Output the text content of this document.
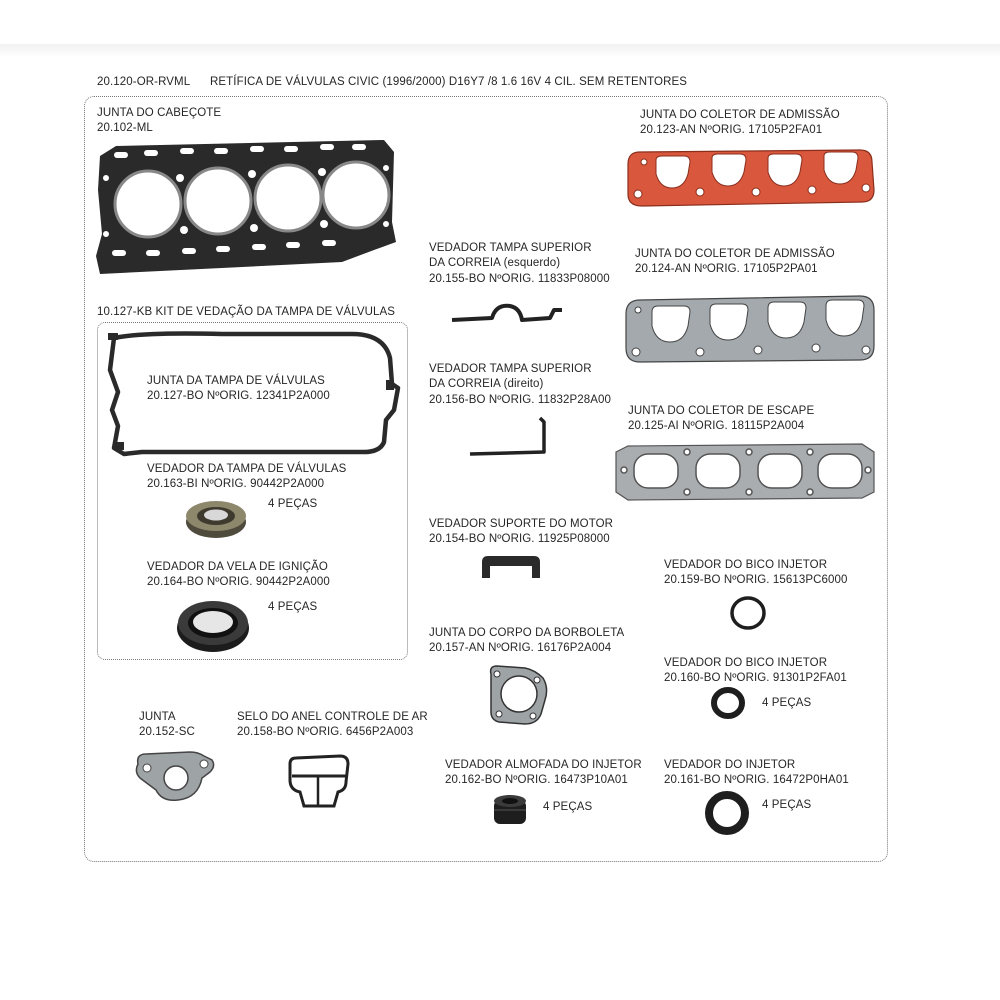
20.120-OR-RVML RETÍFICA DE VÁLVULAS CIVIC (1996/2000) D16Y7 /8 1.6 16V 4 CIL. SEM RETENTORES
JUNTA DO CABEÇOTE
20.102-ML
10.127-KB KIT DE VEDAÇÃO DA TAMPA DE VÁLVULAS
JUNTA DA TAMPA DE VÁLVULAS
20.127-BO NºORIG. 12341P2A000
VEDADOR DA TAMPA DE VÁLVULAS
20.163-BI NºORIG. 90442P2A000
4 PEÇAS
VEDADOR DA VELA DE IGNIÇÃO
20.164-BO NºORIG. 90442P2A000
4 PEÇAS
JUNTA
20.152-SC
SELO DO ANEL CONTROLE DE AR
20.158-BO NºORIG. 6456P2A003
VEDADOR TAMPA SUPERIOR
DA CORREIA (esquerdo)
20.155-BO NºORIG. 11833P08000
VEDADOR TAMPA SUPERIOR
DA CORREIA (direito)
20.156-BO NºORIG. 11832P28A00
VEDADOR SUPORTE DO MOTOR
20.154-BO NºORIG. 11925P08000
JUNTA DO CORPO DA BORBOLETA
20.157-AN NºORIG. 16176P2A004
VEDADOR ALMOFADA DO INJETOR
20.162-BO NºORIG. 16473P10A01
4 PEÇAS
JUNTA DO COLETOR DE ADMISSÃO
20.123-AN NºORIG. 17105P2FA01
JUNTA DO COLETOR DE ADMISSÃO
20.124-AN NºORIG. 17105P2PA01
JUNTA DO COLETOR DE ESCAPE
20.125-AI NºORIG. 18115P2A004
VEDADOR DO BICO INJETOR
20.159-BO NºORIG. 15613PC6000
VEDADOR DO BICO INJETOR
20.160-BO NºORIG. 91301P2FA01
4 PEÇAS
VEDADOR DO INJETOR
20.161-BO NºORIG. 16472P0HA01
4 PEÇAS
